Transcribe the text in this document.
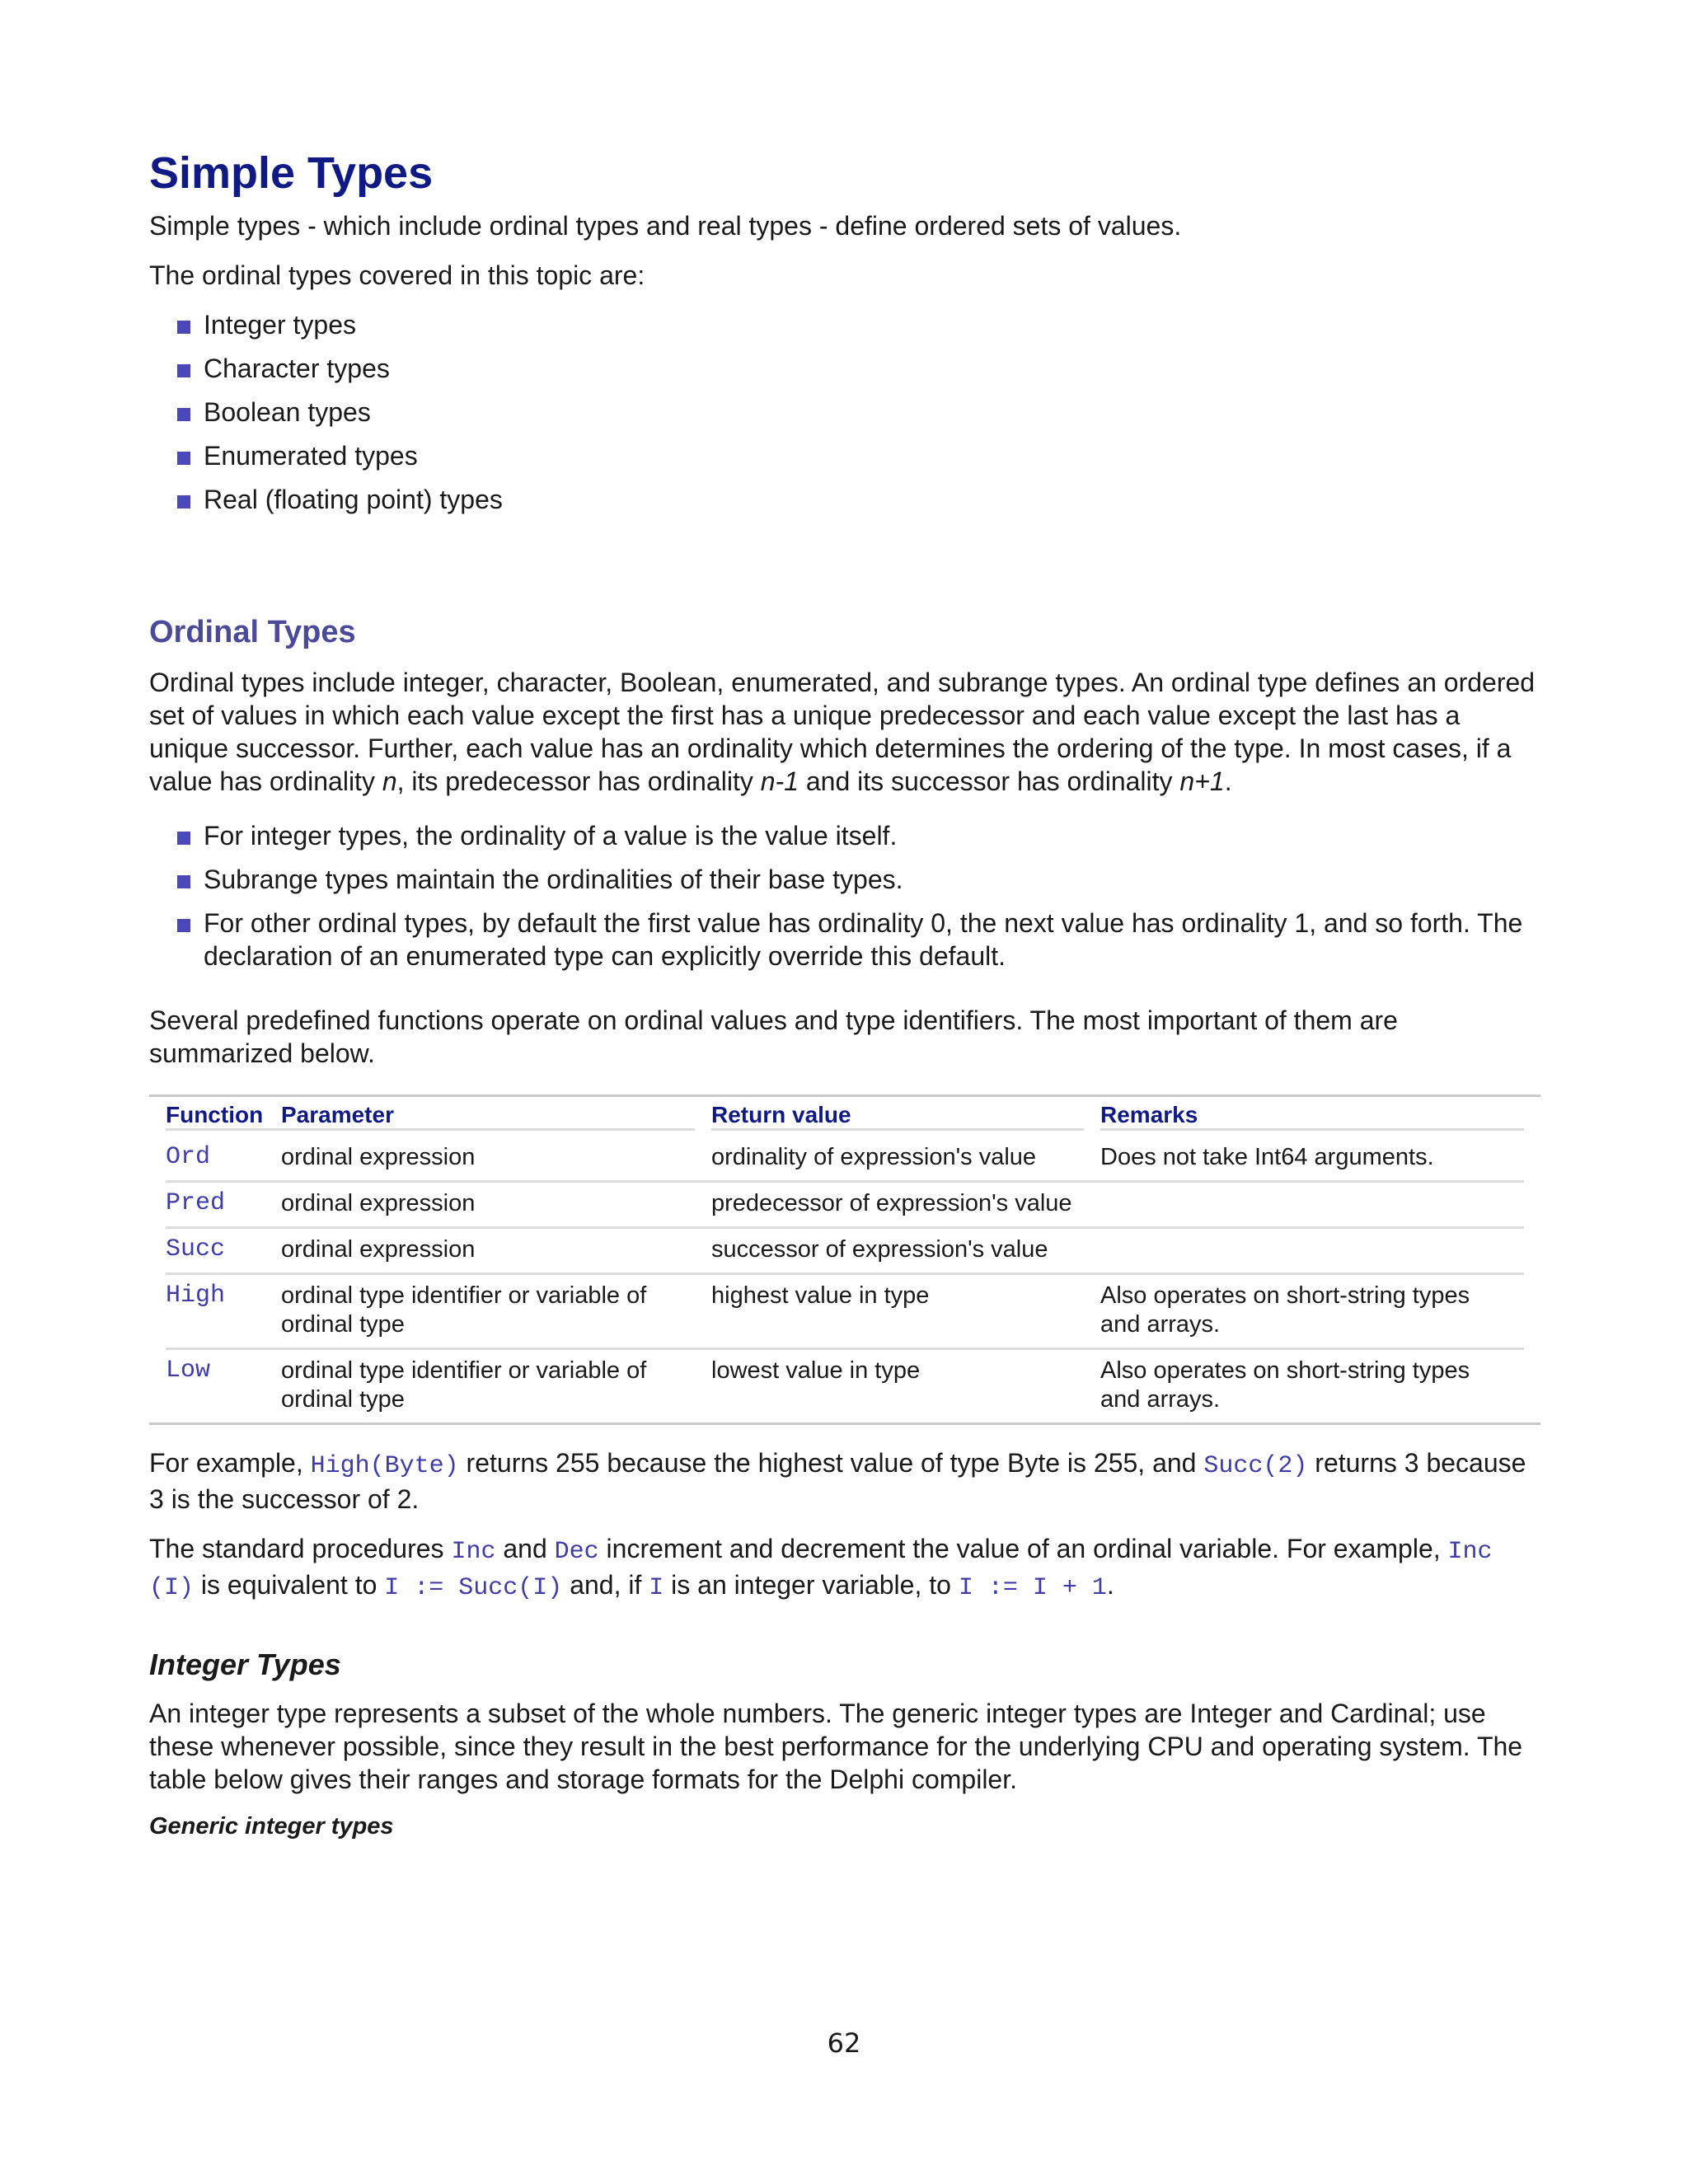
Simple Types

Simple types - which include ordinal types and real types - define ordered sets of values.

The ordinal types covered in this topic are:

Integer types
Character types
Boolean types
Enumerated types
Real (floating point) types
Ordinal Types

Ordinal types include integer, character, Boolean, enumerated, and subrange types. An ordinal type defines an ordered set of values in which each value except the first has a unique predecessor and each value except the last has a unique successor. Further, each value has an ordinality which determines the ordering of the type. In most cases, if a value has ordinality n, its predecessor has ordinality n-1 and its successor has ordinality n+1.

For integer types, the ordinality of a value is the value itself.
Subrange types maintain the ordinalities of their base types.
For other ordinal types, by default the first value has ordinality 0, the next value has ordinality 1, and so forth. The declaration of an enumerated type can explicitly override this default.

Several predefined functions operate on ordinal values and type identifiers. The most important of them are summarized below.

Function	Parameter	Return value	Remarks

Ord	ordinal expression	ordinality of expression's value	Does not take Int64 arguments.

Pred	ordinal expression	predecessor of expression's value	

Succ	ordinal expression	successor of expression's value	

High	ordinal type identifier or variable of ordinal type	highest value in type	Also operates on short-string types and arrays.

Low	ordinal type identifier or variable of ordinal type	lowest value in type	Also operates on short-string types and arrays.

For example, High(Byte) returns 255 because the highest value of type Byte is 255, and Succ(2) returns 3 because 3 is the successor of 2.

The standard procedures Inc and Dec increment and decrement the value of an ordinal variable. For example, Inc (I) is equivalent to I := Succ(I) and, if I is an integer variable, to I := I + 1.

Integer Types

An integer type represents a subset of the whole numbers. The generic integer types are Integer and Cardinal; use these whenever possible, since they result in the best performance for the underlying CPU and operating system. The table below gives their ranges and storage formats for the Delphi compiler.

Generic integer types

62
